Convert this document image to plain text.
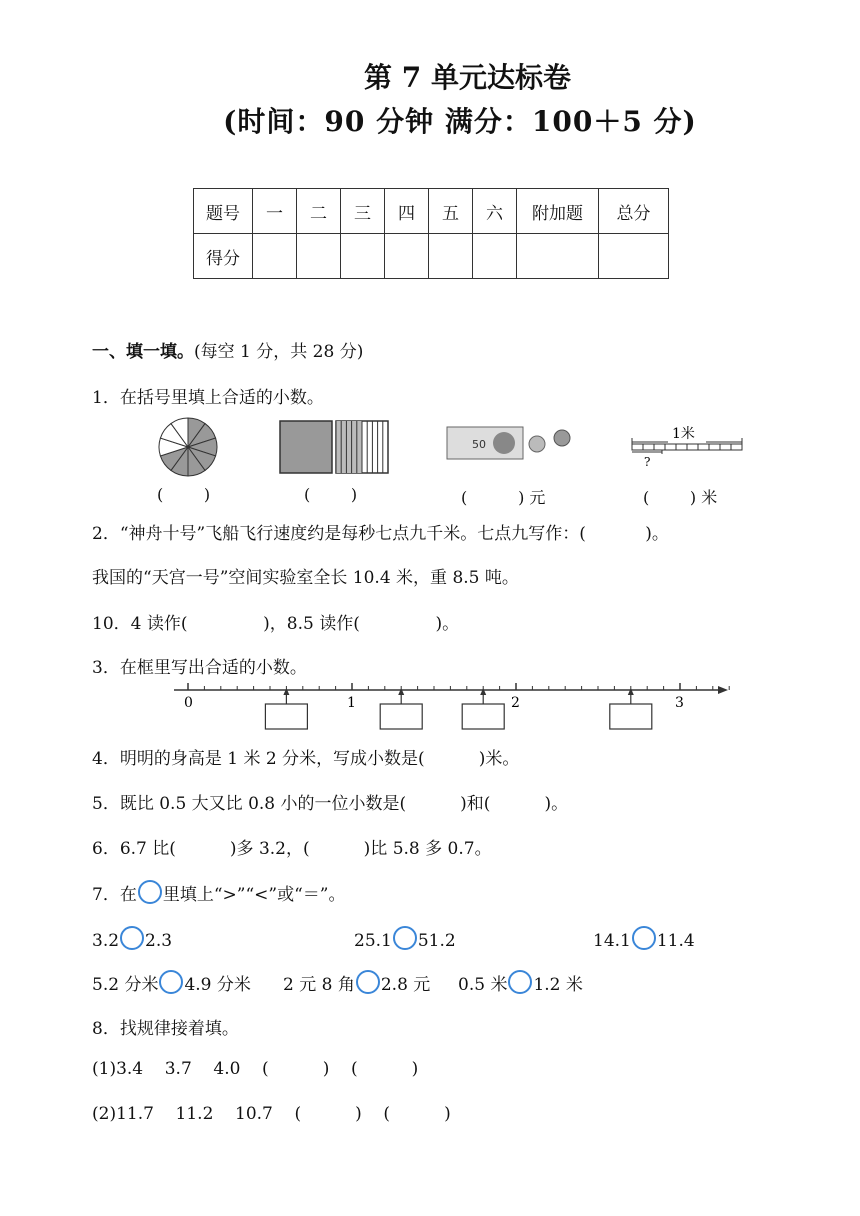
第 7 单元达标卷
(时间：90 分钟 满分：100＋5 分)
题号	一	二	三	四	五	六	附加题	总分
得分								
一、填一填。(每空 1 分，共 28 分)
1．在括号里填上合适的小数。
50
1米
?
(        )	(        )	(          ) 元	(        ) 米
2．“神舟十号”飞船飞行速度约是每秒七点九千米。七点九写作：(           )。
我国的“天宫一号”空间实验室全长 10.4 米，重 8.5 吨。
10．4 读作(              )，8.5 读作(              )。
3．在框里写出合适的小数。
0	1	2	3
4．明明的身高是 1 米 2 分米，写成小数是(          )米。
5．既比 0.5 大又比 0.8 小的一位小数是(          )和(          )。
6．6.7 比(          )多 3.2，(          )比 5.8 多 0.7。
7．在 里填上“>”“<”或“＝”。
3.2 2.3	25.1 51.2	14.1 11.4
5.2 分米 4.9 分米 2 元 8 角 2.8 元 0.5 米 1.2 米
8．找规律接着填。
(1)3.4    3.7    4.0    (          )    (          )
(2)11.7    11.2    10.7    (          )    (          )
